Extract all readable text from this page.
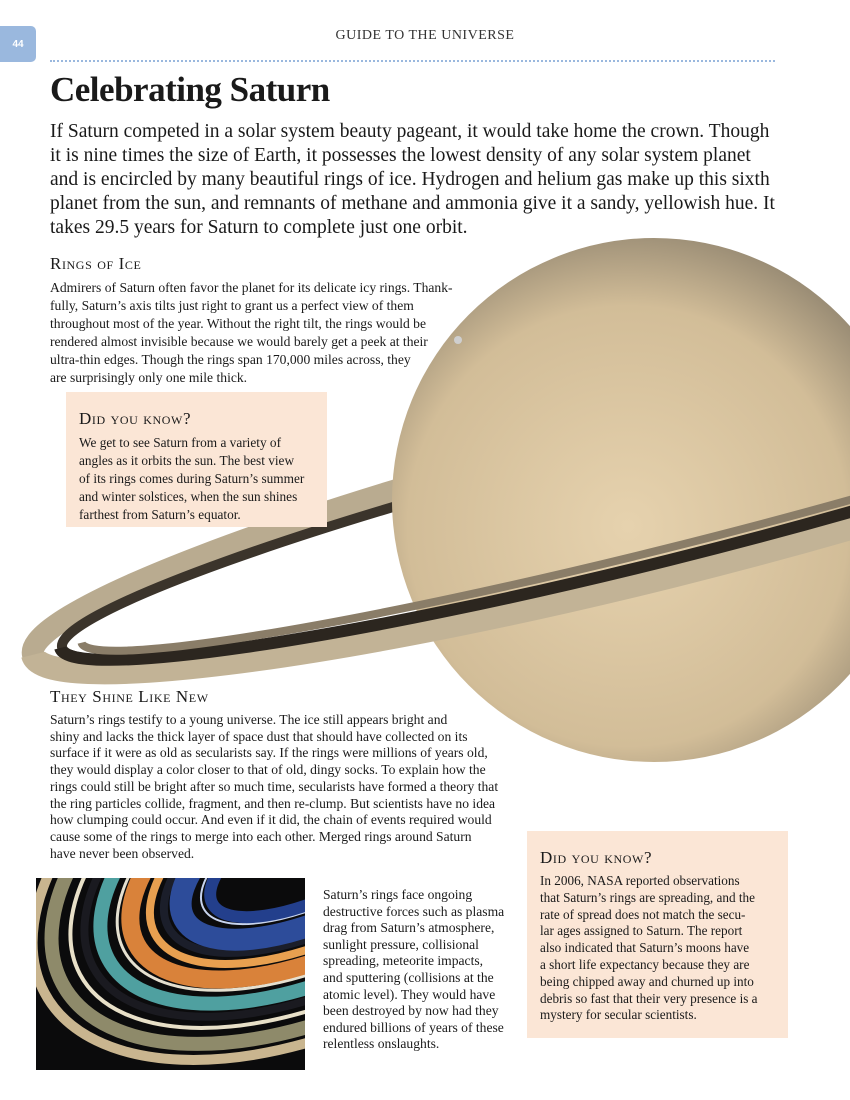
44
GUIDE TO THE UNIVERSE
Celebrating Saturn
If Saturn competed in a solar system beauty pageant, it would take home the crown. Though
it is nine times the size of Earth, it possesses the lowest density of any solar system planet
and is encircled by many beautiful rings of ice. Hydrogen and helium gas make up this sixth
planet from the sun, and remnants of methane and ammonia give it a sandy, yellowish hue. It
takes 29.5 years for Saturn to complete just one orbit.
Rings of Ice
Admirers of Saturn often favor the planet for its delicate icy rings. Thank-
fully, Saturn’s axis tilts just right to grant us a perfect view of them
throughout most of the year. Without the right tilt, the rings would be
rendered almost invisible because we would barely get a peek at their
ultra-thin edges. Though the rings span 170,000 miles across, they
are surprisingly only one mile thick.
Did you know?
We get to see Saturn from a variety of
angles as it orbits the sun. The best view
of its rings comes during Saturn’s summer
and winter solstices, when the sun shines
farthest from Saturn’s equator.
They Shine Like New
Saturn’s rings testify to a young universe. The ice still appears bright and
shiny and lacks the thick layer of space dust that should have collected on its
surface if it were as old as secularists say. If the rings were millions of years old,
they would display a color closer to that of old, dingy socks. To explain how the
rings could still be bright after so much time, secularists have formed a theory that
the ring particles collide, fragment, and then re-clump. But scientists have no idea
how clumping could occur. And even if it did, the chain of events required would
cause some of the rings to merge into each other. Merged rings around Saturn
have never been observed.
Saturn’s rings face ongoing
destructive forces such as plasma
drag from Saturn’s atmosphere,
sunlight pressure, collisional
spreading, meteorite impacts,
and sputtering (collisions at the
atomic level). They would have
been destroyed by now had they
endured billions of years of these
relentless onslaughts.
Did you know?
In 2006, NASA reported observations
that Saturn’s rings are spreading, and the
rate of spread does not match the secu-
lar ages assigned to Saturn. The report
also indicated that Saturn’s moons have
a short life expectancy because they are
being chipped away and churned up into
debris so fast that their very presence is a
mystery for secular scientists.
